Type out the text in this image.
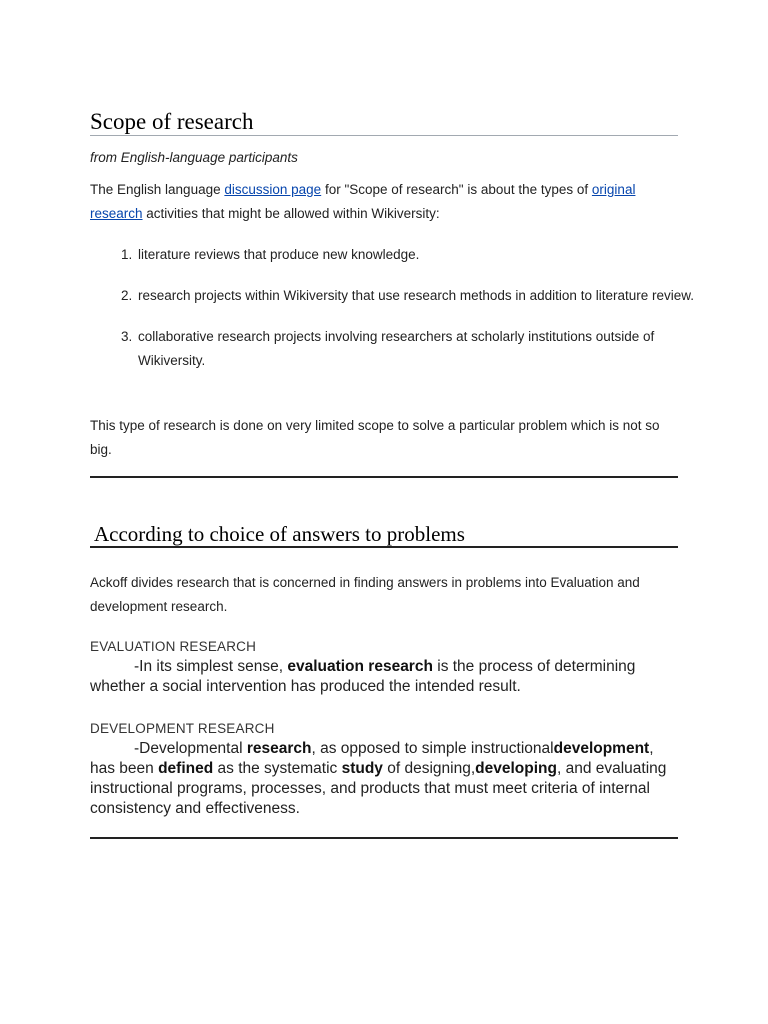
Scope of research
from English-language participants
The English language discussion page for "Scope of research" is about the types of original research activities that might be allowed within Wikiversity:
1. literature reviews that produce new knowledge.
2. research projects within Wikiversity that use research methods in addition to literature review.
3. collaborative research projects involving researchers at scholarly institutions outside of Wikiversity.
This type of research is done on very limited scope to solve a particular problem which is not so big.
According to choice of answers to problems
Ackoff divides research that is concerned in finding answers in problems into Evaluation and development research.
EVALUATION RESEARCH
-In its simplest sense, evaluation research is the process of determining whether a social intervention has produced the intended result.
DEVELOPMENT RESEARCH
-Developmental research, as opposed to simple instructionaldevelopment, has been defined as the systematic study of designing,developing, and evaluating instructional programs, processes, and products that must meet criteria of internal consistency and effectiveness.
